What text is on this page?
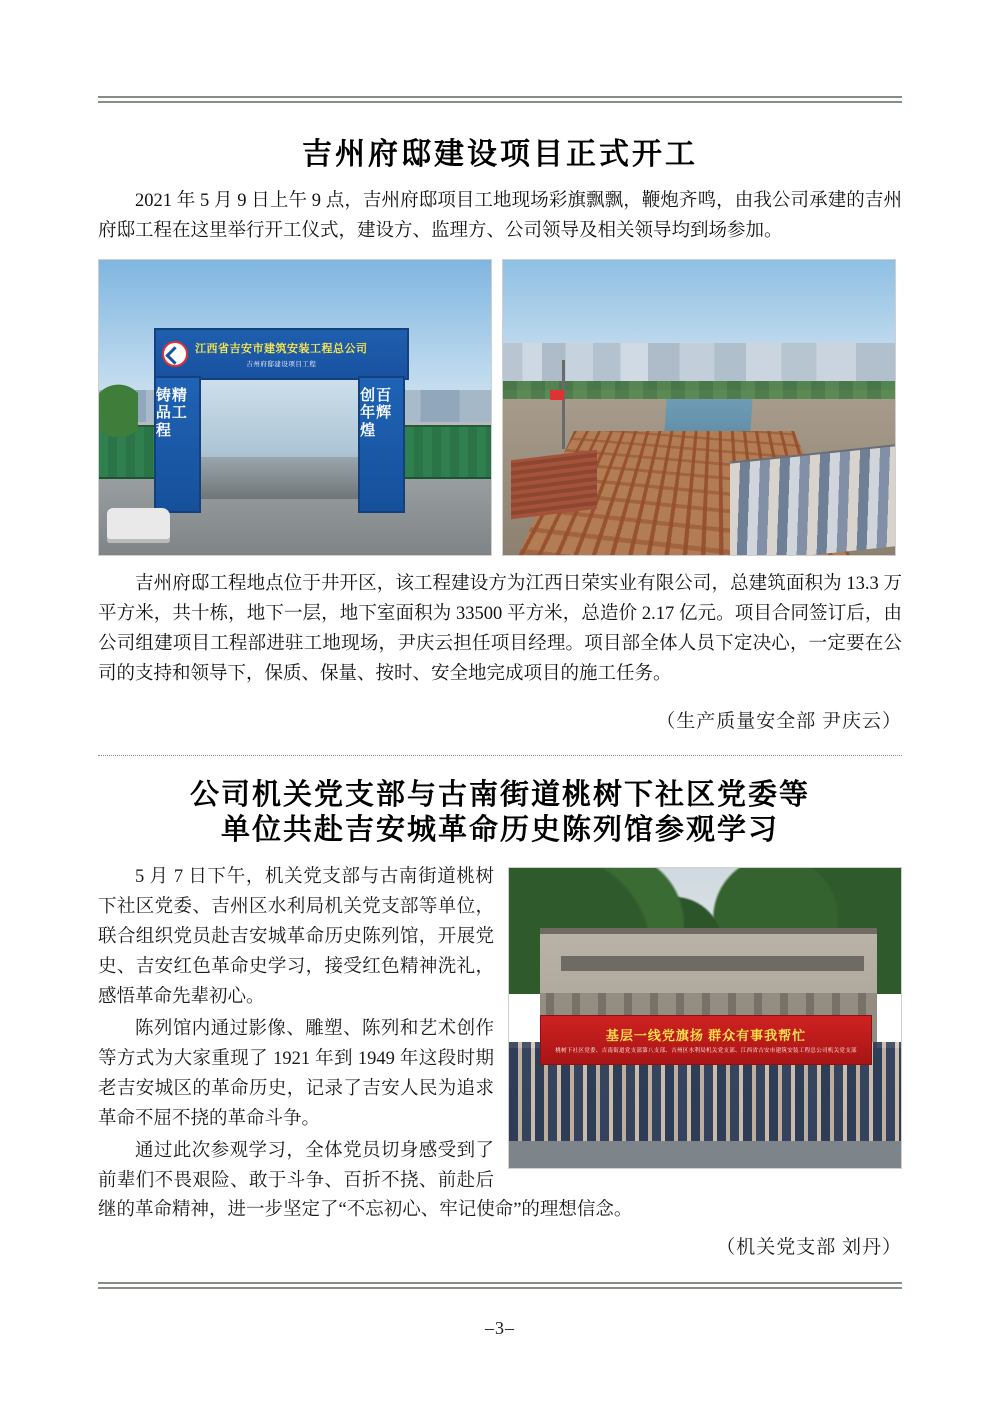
吉州府邸建设项目正式开工

2021 年 5 月 9 日上午 9 点，吉州府邸项目工地现场彩旗飘飘，鞭炮齐鸣，由我公司承建的吉州府邸工程在这里举行开工仪式，建设方、监理方、公司领导及相关领导均到场参加。

江西省吉安市建筑安装工程总公司
吉州府邸建设项目工程
铸精品工程
创百年辉煌

吉州府邸工程地点位于井开区，该工程建设方为江西日荣实业有限公司，总建筑面积为 13.3 万平方米，共十栋，地下一层，地下室面积为 33500 平方米，总造价 2.17 亿元。项目合同签订后，由公司组建项目工程部进驻工地现场，尹庆云担任项目经理。项目部全体人员下定决心，一定要在公司的支持和领导下，保质、保量、按时、安全地完成项目的施工任务。

（生产质量安全部 尹庆云）
公司机关党支部与古南街道桃树下社区党委等
单位共赴吉安城革命历史陈列馆参观学习
基层一线党旗扬 群众有事我帮忙
桃树下社区党委、吉南街道党支部第八支部、吉州区水利局机关党支部、江西省吉安市建筑安装工程总公司机关党支部

5 月 7 日下午，机关党支部与古南街道桃树下社区党委、吉州区水利局机关党支部等单位，联合组织党员赴吉安城革命历史陈列馆，开展党史、吉安红色革命史学习，接受红色精神洗礼，感悟革命先辈初心。

陈列馆内通过影像、雕塑、陈列和艺术创作等方式为大家重现了 1921 年到 1949 年这段时期老吉安城区的革命历史，记录了吉安人民为追求革命不屈不挠的革命斗争。

通过此次参观学习，全体党员切身感受到了前辈们不畏艰险、敢于斗争、百折不挠、前赴后继的革命精神，进一步坚定了“不忘初心、牢记使命”的理想信念。

（机关党支部 刘丹）
–3–
